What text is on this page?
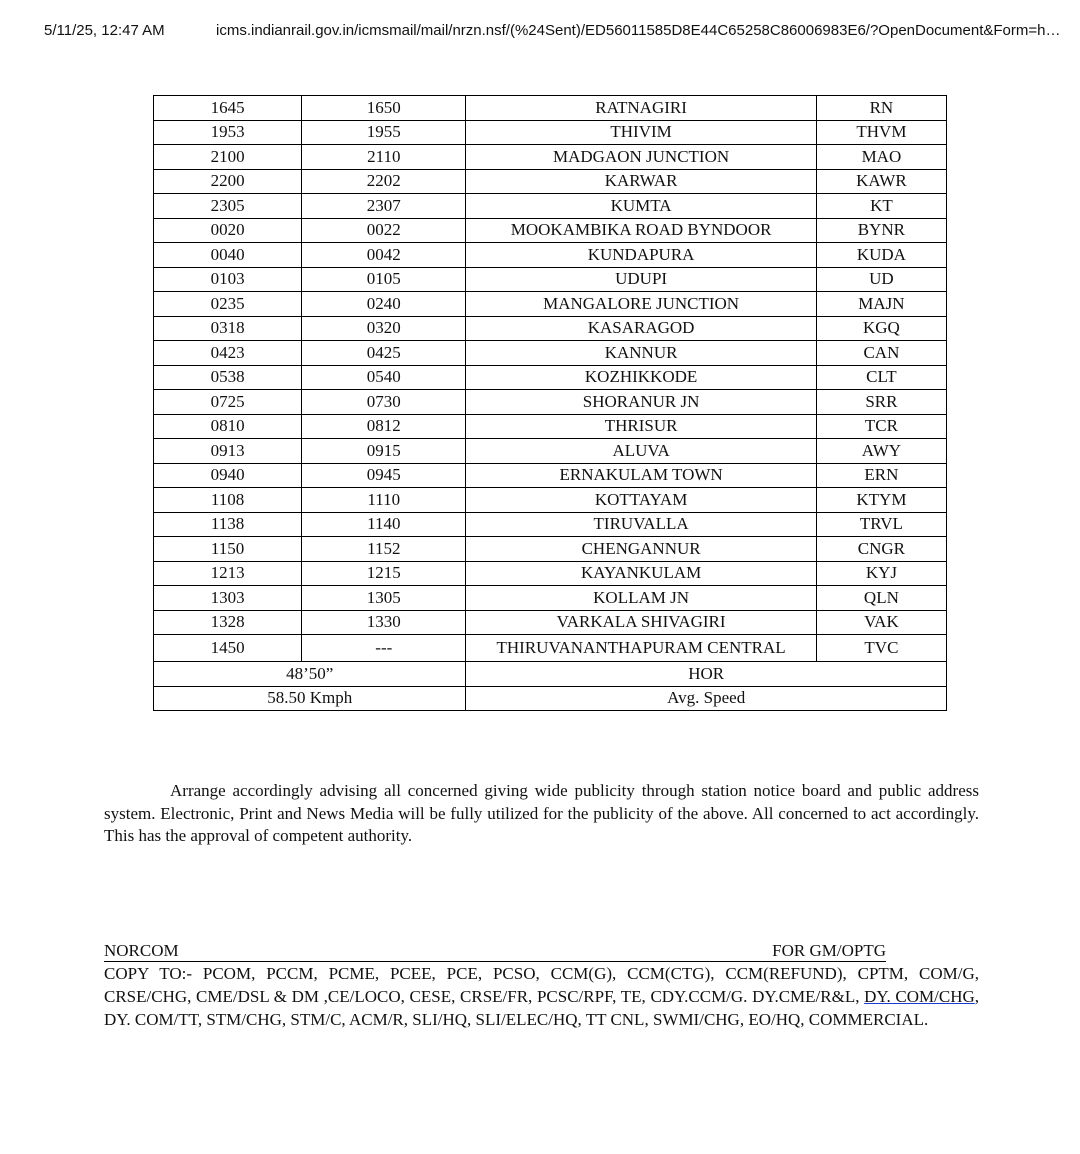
5/11/25, 12:47 AM	icms.indianrail.gov.in/icmsmail/mail/nrzn.nsf/(%24Sent)/ED56011585D8E44C65258C86006983E6/?OpenDocument&Form=h…
1645	1650	RATNAGIRI	RN
1953	1955	THIVIM	THVM
2100	2110	MADGAON JUNCTION	MAO
2200	2202	KARWAR	KAWR
2305	2307	KUMTA	KT
0020	0022	MOOKAMBIKA ROAD BYNDOOR	BYNR
0040	0042	KUNDAPURA	KUDA
0103	0105	UDUPI	UD
0235	0240	MANGALORE JUNCTION	MAJN
0318	0320	KASARAGOD	KGQ
0423	0425	KANNUR	CAN
0538	0540	KOZHIKKODE	CLT
0725	0730	SHORANUR JN	SRR
0810	0812	THRISUR	TCR
0913	0915	ALUVA	AWY
0940	0945	ERNAKULAM TOWN	ERN
1108	1110	KOTTAYAM	KTYM
1138	1140	TIRUVALLA	TRVL
1150	1152	CHENGANNUR	CNGR
1213	1215	KAYANKULAM	KYJ
1303	1305	KOLLAM JN	QLN
1328	1330	VARKALA SHIVAGIRI	VAK
1450	---	THIRUVANANTHAPURAM CENTRAL	TVC
48’50”		HOR	
58.50 Kmph		Avg. Speed	

Arrange accordingly advising all concerned giving wide publicity through station notice board and public address system. Electronic, Print and News Media will be fully utilized for the publicity of the above. All concerned to act accordingly. This has the approval of competent authority.

NORCOM	FOR GM/OPTG

COPY TO:- PCOM, PCCM, PCME, PCEE, PCE, PCSO, CCM(G), CCM(CTG), CCM(REFUND), CPTM, COM/G, CRSE/CHG, CME/DSL & DM ,CE/LOCO, CESE, CRSE/FR, PCSC/RPF, TE, CDY.CCM/G. DY.CME/R&L, DY. COM/CHG, DY. COM/TT, STM/CHG, STM/C, ACM/R, SLI/HQ, SLI/ELEC/HQ, TT CNL, SWMI/CHG, EO/HQ, COMMERCIAL.
